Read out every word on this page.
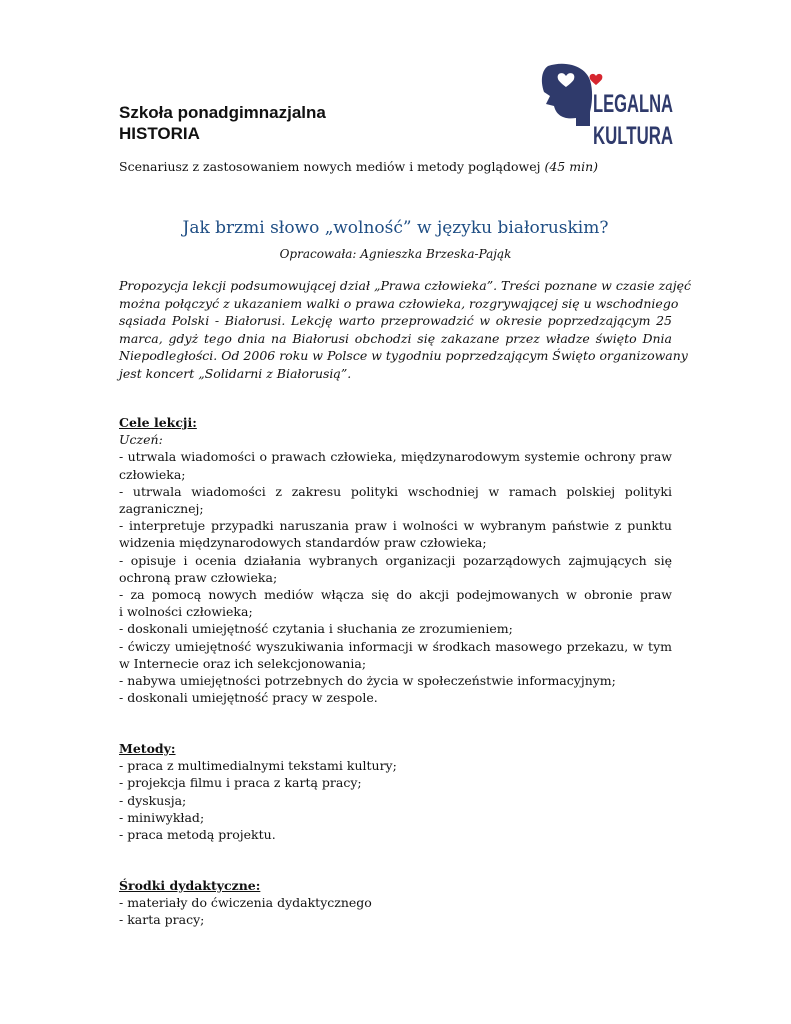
Szkoła ponadgimnazjalna
HISTORIA
Scenariusz z zastosowaniem nowych mediów i metody poglądowej (45 min)
LEGALNA
KULTURA
Jak brzmi słowo „wolność” w języku białoruskim?
Opracowała: Agnieszka Brzeska-Pająk
Propozycja lekcji podsumowującej dział „Prawa człowieka”. Treści poznane w czasie zajęć
można połączyć z ukazaniem walki o prawa człowieka, rozgrywającej się u wschodniego
sąsiada Polski - Białorusi. Lekcję warto przeprowadzić w okresie poprzedzającym 25
marca, gdyż tego dnia na Białorusi obchodzi się zakazane przez władze święto Dnia
Niepodległości. Od 2006 roku w Polsce w tygodniu poprzedzającym Święto organizowany
jest koncert „Solidarni z Białorusią”.
Cele lekcji:
Uczeń:
- utrwala wiadomości o prawach człowieka, międzynarodowym systemie ochrony praw
człowieka;
- utrwala wiadomości z zakresu polityki wschodniej w ramach polskiej polityki
zagranicznej;
- interpretuje przypadki naruszania praw i wolności w wybranym państwie z punktu
widzenia międzynarodowych standardów praw człowieka;
- opisuje i ocenia działania wybranych organizacji pozarządowych zajmujących się
ochroną praw człowieka;
- za pomocą nowych mediów włącza się do akcji podejmowanych w obronie praw
i wolności człowieka;
- doskonali umiejętność czytania i słuchania ze zrozumieniem;
- ćwiczy umiejętność wyszukiwania informacji w środkach masowego przekazu, w tym
w Internecie oraz ich selekcjonowania;
- nabywa umiejętności potrzebnych do życia w społeczeństwie informacyjnym;
- doskonali umiejętność pracy w zespole.
Metody:
- praca z multimedialnymi tekstami kultury;
- projekcja filmu i praca z kartą pracy;
- dyskusja;
- miniwykład;
- praca metodą projektu.
Środki dydaktyczne:
- materiały do ćwiczenia dydaktycznego
- karta pracy;
